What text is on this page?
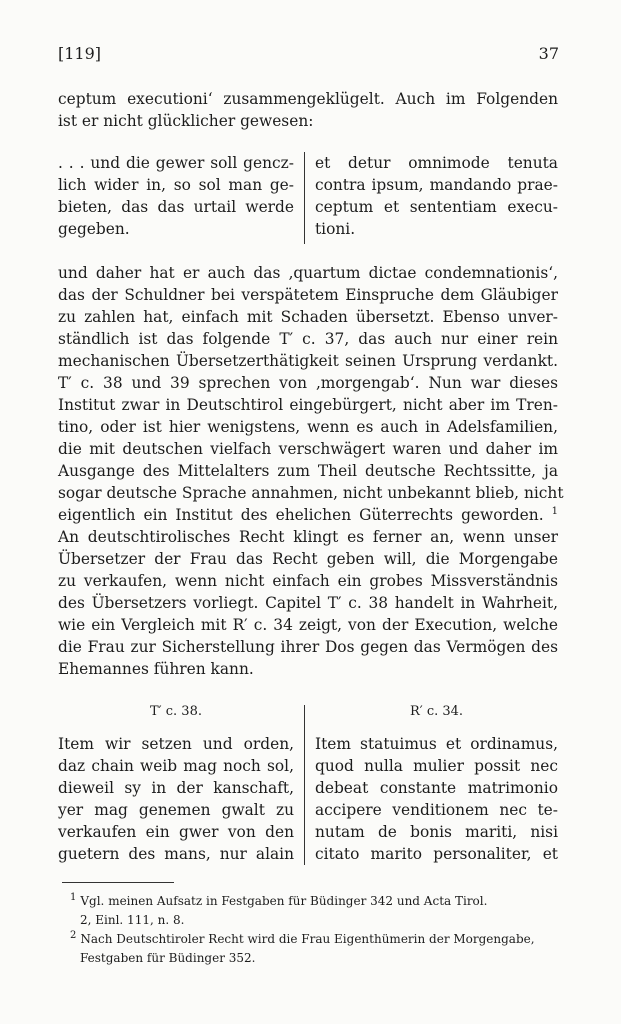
[119]	37
ceptum executioni‘ zusammengeklügelt. Auch im Folgenden
ist er nicht glücklicher gewesen:
. . . und die gewer soll gencz-
lich wider in, so sol man ge-
bieten, das das urtail werde
gegeben.
et detur omnimode tenuta
contra ipsum, mandando prae-
ceptum et sententiam execu-
tioni.
und daher hat er auch das ‚quartum dictae condemnationis‘,
das der Schuldner bei verspätetem Einspruche dem Gläubiger
zu zahlen hat, einfach mit Schaden übersetzt. Ebenso unver-
ständlich ist das folgende T′ c. 37, das auch nur einer rein
mechanischen Übersetzerthätigkeit seinen Ursprung verdankt.
T′ c. 38 und 39 sprechen von ‚morgengab‘. Nun war dieses
Institut zwar in Deutschtirol eingebürgert, nicht aber im Tren-
tino, oder ist hier wenigstens, wenn es auch in Adelsfamilien,
die mit deutschen vielfach verschwägert waren und daher im
Ausgange des Mittelalters zum Theil deutsche Rechtssitte, ja
sogar deutsche Sprache annahmen, nicht unbekannt blieb, nicht
eigentlich ein Institut des ehelichen Güterrechts geworden. $^1$
An deutschtirolisches Recht klingt es ferner an, wenn unser
Übersetzer der Frau das Recht geben will, die Morgengabe
zu verkaufen, wenn nicht einfach ein grobes Missverständnis
des Übersetzers vorliegt. Capitel T′ c. 38 handelt in Wahrheit,
wie ein Vergleich mit R′ c. 34 zeigt, von der Execution, welche
die Frau zur Sicherstellung ihrer Dos gegen das Vermögen des
Ehemannes führen kann.
T′ c. 38.	R′ c. 34.
Item wir setzen und orden,
daz chain weib mag noch sol,
dieweil sy in der kanschaft,
yer mag genemen gwalt zu
verkaufen ein gwer von den
guetern des mans, nur alain
Item statuimus et ordinamus,
quod nulla mulier possit nec
debeat constante matrimonio
accipere venditionem nec te-
nutam de bonis mariti, nisi
citato marito personaliter, et
$^1$ Vgl. meinen Aufsatz in Festgaben für Büdinger 342 und Acta Tirol.
2, Einl. 111, n. 8.
$^2$ Nach Deutschtiroler Recht wird die Frau Eigenthümerin der Morgengabe,
Festgaben für Büdinger 352.
